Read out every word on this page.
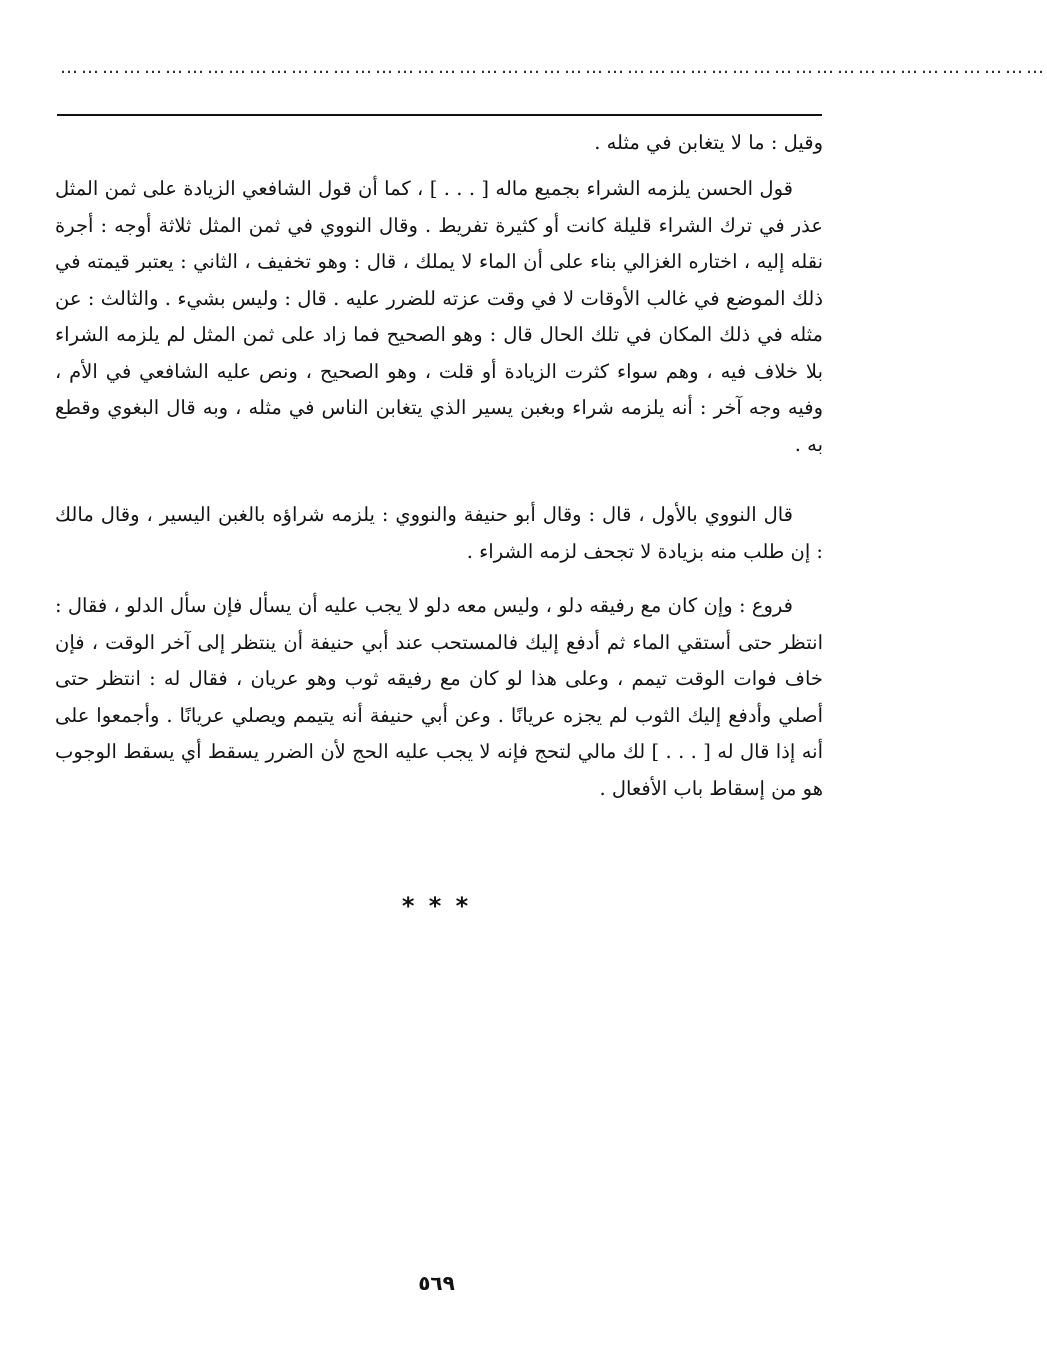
……………………………………………………………………………………………………………………………

وقيل : ما لا يتغابن في مثله .

قول الحسن يلزمه الشراء بجميع ماله [ . . . ] ، كما أن قول الشافعي الزيادة على ثمن المثل عذر في ترك الشراء قليلة كانت أو كثيرة تفريط . وقال النووي في ثمن المثل ثلاثة أوجه : أجرة نقله إليه ، اختاره الغزالي بناء على أن الماء لا يملك ، قال : وهو تخفيف ، الثاني : يعتبر قيمته في ذلك الموضع في غالب الأوقات لا في وقت عزته للضرر عليه . قال : وليس بشيء . والثالث : عن مثله في ذلك المكان في تلك الحال قال : وهو الصحيح فما زاد على ثمن المثل لم يلزمه الشراء بلا خلاف فيه ، وهم سواء كثرت الزيادة أو قلت ، وهو الصحيح ، ونص عليه الشافعي في الأم ، وفيه وجه آخر : أنه يلزمه شراء وبغبن يسير الذي يتغابن الناس في مثله ، وبه قال البغوي وقطع به .

قال النووي بالأول ، قال : وقال أبو حنيفة والنووي : يلزمه شراؤه بالغبن اليسير ، وقال مالك : إن طلب منه بزيادة لا تجحف لزمه الشراء .

فروع : وإن كان مع رفيقه دلو ، وليس معه دلو لا يجب عليه أن يسأل فإن سأل الدلو ، فقال : انتظر حتى أستقي الماء ثم أدفع إليك فالمستحب عند أبي حنيفة أن ينتظر إلى آخر الوقت ، فإن خاف فوات الوقت تيمم ، وعلى هذا لو كان مع رفيقه ثوب وهو عريان ، فقال له : انتظر حتى أصلي وأدفع إليك الثوب لم يجزه عريانًا . وعن أبي حنيفة أنه يتيمم ويصلي عريانًا . وأجمعوا على أنه إذا قال له [ . . . ] لك مالي لتحج فإنه لا يجب عليه الحج لأن الضرر يسقط أي يسقط الوجوب هو من إسقاط باب الأفعال .

* * *
٥٦٩
